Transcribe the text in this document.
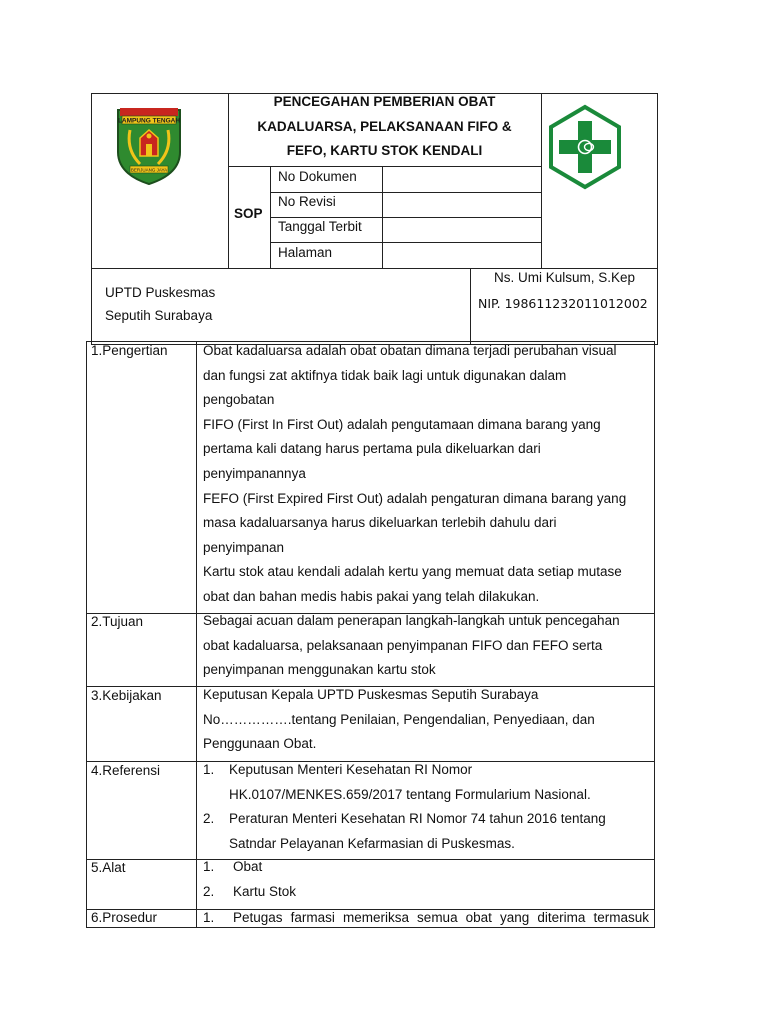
LAMPUNG TENGAH
BERJUANG JAYA
PENCEGAHAN PEMBERIAN OBAT
KADALUARSA, PELAKSANAAN FIFO &
FEFO, KARTU STOK KENDALI
SOP
No Dokumen
No Revisi
Tanggal Terbit
Halaman
UPTD Puskesmas
Seputih Surabaya
Ns. Umi Kulsum, S.Kep
NIP. 198611232011012002
1.Pengertian	Obat kadaluarsa adalah obat obatan dimana terjadi perubahan visual
dan fungsi zat aktifnya tidak baik lagi untuk digunakan dalam
pengobatan
FIFO (First In First Out) adalah pengutamaan dimana barang yang
pertama kali datang harus pertama pula dikeluarkan dari
penyimpanannya
FEFO (First Expired First Out) adalah pengaturan dimana barang yang
masa kadaluarsanya harus dikeluarkan terlebih dahulu dari
penyimpanan
Kartu stok atau kendali adalah kertu yang memuat data setiap mutase
obat dan bahan medis habis pakai yang telah dilakukan.
2.Tujuan	Sebagai acuan dalam penerapan langkah-langkah untuk pencegahan
obat kadaluarsa, pelaksanaan penyimpanan FIFO dan FEFO serta
penyimpanan menggunakan kartu stok
3.Kebijakan	Keputusan Kepala UPTD Puskesmas Seputih Surabaya
No…………….tentang Penilaian, Pengendalian, Penyediaan, dan
Penggunaan Obat.
4.Referensi	1. Keputusan Menteri Kesehatan RI Nomor
HK.0107/MENKES.659/2017 tentang Formularium Nasional.
2. Peraturan Menteri Kesehatan RI Nomor 74 tahun 2016 tentang
Satndar Pelayanan Kefarmasian di Puskesmas.
5.Alat	1. Obat
2. Kartu Stok
6.Prosedur	1. Petugas farmasi memeriksa semua obat yang diterima termasuk
